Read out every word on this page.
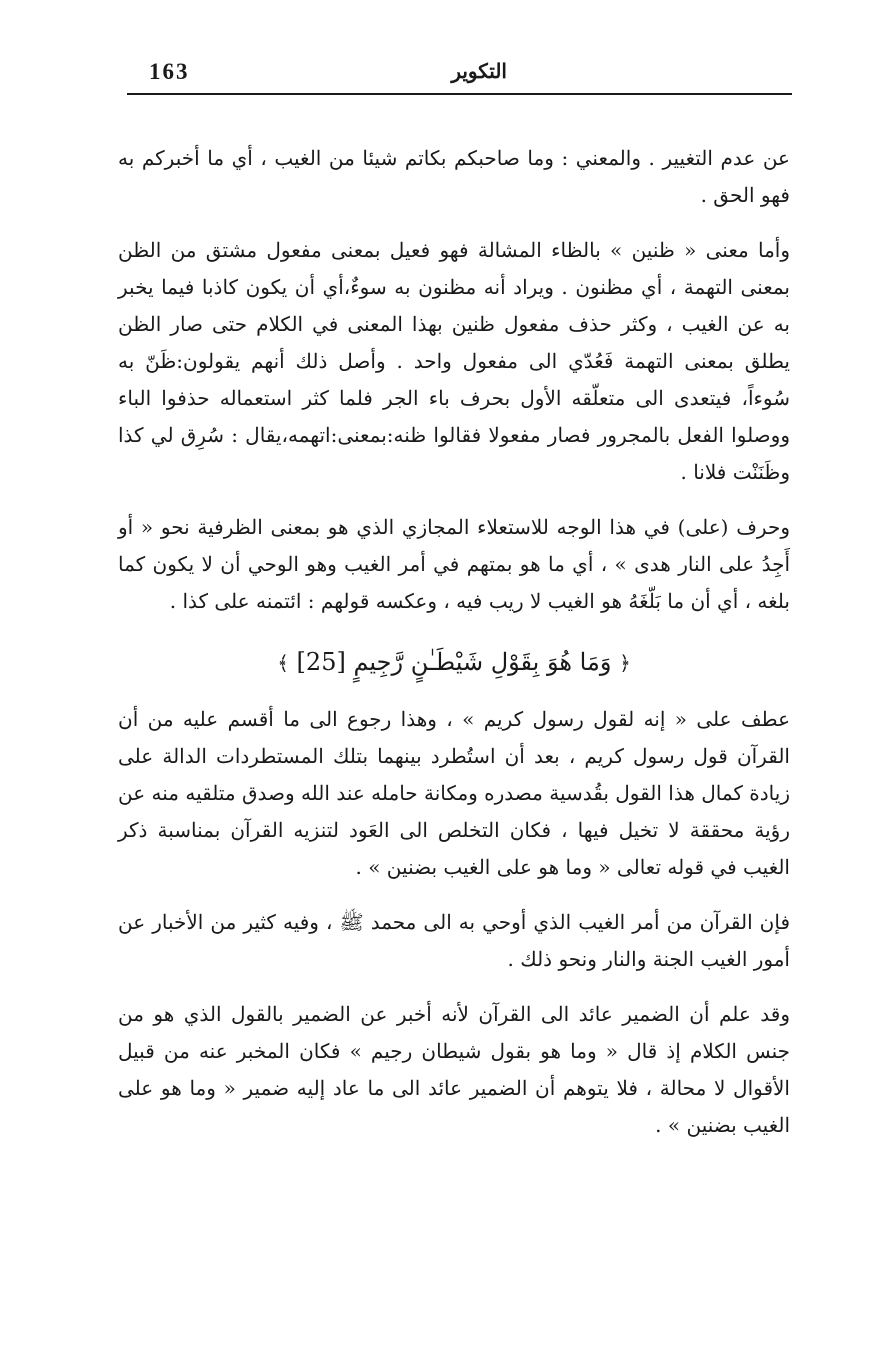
163	التكوير

عن عدم التغيير . والمعني : وما صاحبكم بكاتم شيئا من الغيب ، أي ما أخبركم به فهو الحق .

وأما معنى « ظنين » بالظاء المشالة فهو فعيل بمعنى مفعول مشتق من الظن بمعنى التهمة ، أي مظنون . ويراد أنه مظنون به سوءٌ،أي أن يكون كاذبا فيما يخبر به عن الغيب ، وكثر حذف مفعول ظنين بهذا المعنى في الكلام حتى صار الظن يطلق بمعنى التهمة فَعُدّي الى مفعول واحد . وأصل ذلك أنهم يقولون:ظَنّ به سُوءاً، فيتعدى الى متعلّقه الأول بحرف باء الجر فلما كثر استعماله حذفوا الباء ووصلوا الفعل بالمجرور فصار مفعولا فقالوا ظنه:بمعنى:اتهمه،يقال : سُرِق لي كذا وظَنَنْت فلانا .

وحرف (على) في هذا الوجه للاستعلاء المجازي الذي هو بمعنى الظرفية نحو « أو أَجِدُ على النار هدى » ، أي ما هو بمتهم في أمر الغيب وهو الوحي أن لا يكون كما بلغه ، أي أن ما بَلّغَهُ هو الغيب لا ريب فيه ، وعكسه قولهم : ائتمنه على كذا .

﴿ وَمَا هُوَ بِقَوْلِ شَيْطَـٰنٍ رَّجِيمٍ [25] ﴾

عطف على « إنه لقول رسول كريم » ، وهذا رجوع الى ما أقسم عليه من أن القرآن قول رسول كريم ، بعد أن استُطرد بينهما بتلك المستطردات الدالة على زيادة كمال هذا القول بقُدسية مصدره ومكانة حامله عند الله وصدق متلقيه منه عن رؤية محققة لا تخيل فيها ، فكان التخلص الى العَود لتنزيه القرآن بمناسبة ذكر الغيب في قوله تعالى « وما هو على الغيب بضنين » .

فإن القرآن من أمر الغيب الذي أوحي به الى محمد ﷺ ، وفيه كثير من الأخبار عن أمور الغيب الجنة والنار ونحو ذلك .

وقد علم أن الضمير عائد الى القرآن لأنه أخبر عن الضمير بالقول الذي هو من جنس الكلام إذ قال « وما هو بقول شيطان رجيم » فكان المخبر عنه من قبيل الأقوال لا محالة ، فلا يتوهم أن الضمير عائد الى ما عاد إليه ضمير « وما هو على الغيب بضنين » .
